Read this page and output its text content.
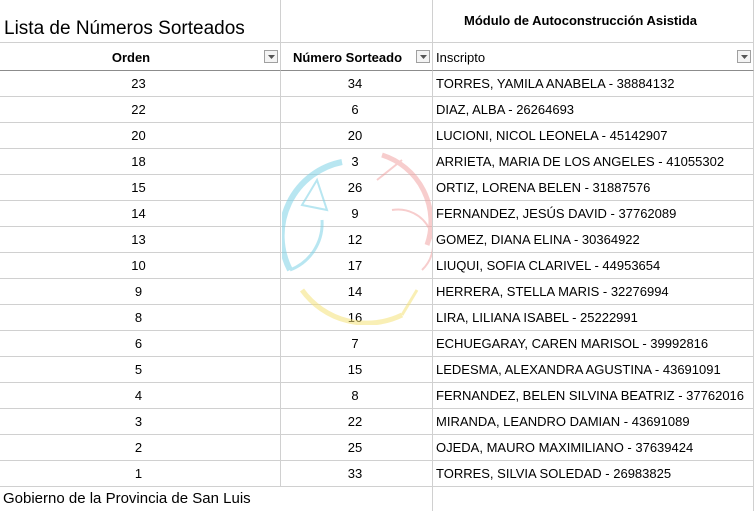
Lista de Números Sorteados	Módulo de Autoconstrucción Asistida
Orden	Número Sorteado	Inscripto
23	34	TORRES, YAMILA ANABELA - 38884132
22	6	DIAZ, ALBA - 26264693
20	20	LUCIONI, NICOL LEONELA - 45142907
18	3	ARRIETA, MARIA DE LOS ANGELES - 41055302
15	26	ORTIZ, LORENA BELEN - 31887576
14	9	FERNANDEZ, JESÚS DAVID - 37762089
13	12	GOMEZ, DIANA ELINA - 30364922
10	17	LIUQUI, SOFIA CLARIVEL - 44953654
9	14	HERRERA, STELLA MARIS - 32276994
8	16	LIRA, LILIANA ISABEL - 25222991
6	7	ECHUEGARAY, CAREN MARISOL - 39992816
5	15	LEDESMA, ALEXANDRA AGUSTINA - 43691091
4	8	FERNANDEZ, BELEN SILVINA BEATRIZ - 37762016
3	22	MIRANDA, LEANDRO DAMIAN - 43691089
2	25	OJEDA, MAURO MAXIMILIANO - 37639424
1	33	TORRES, SILVIA SOLEDAD - 26983825
Gobierno de la Provincia de San Luis
